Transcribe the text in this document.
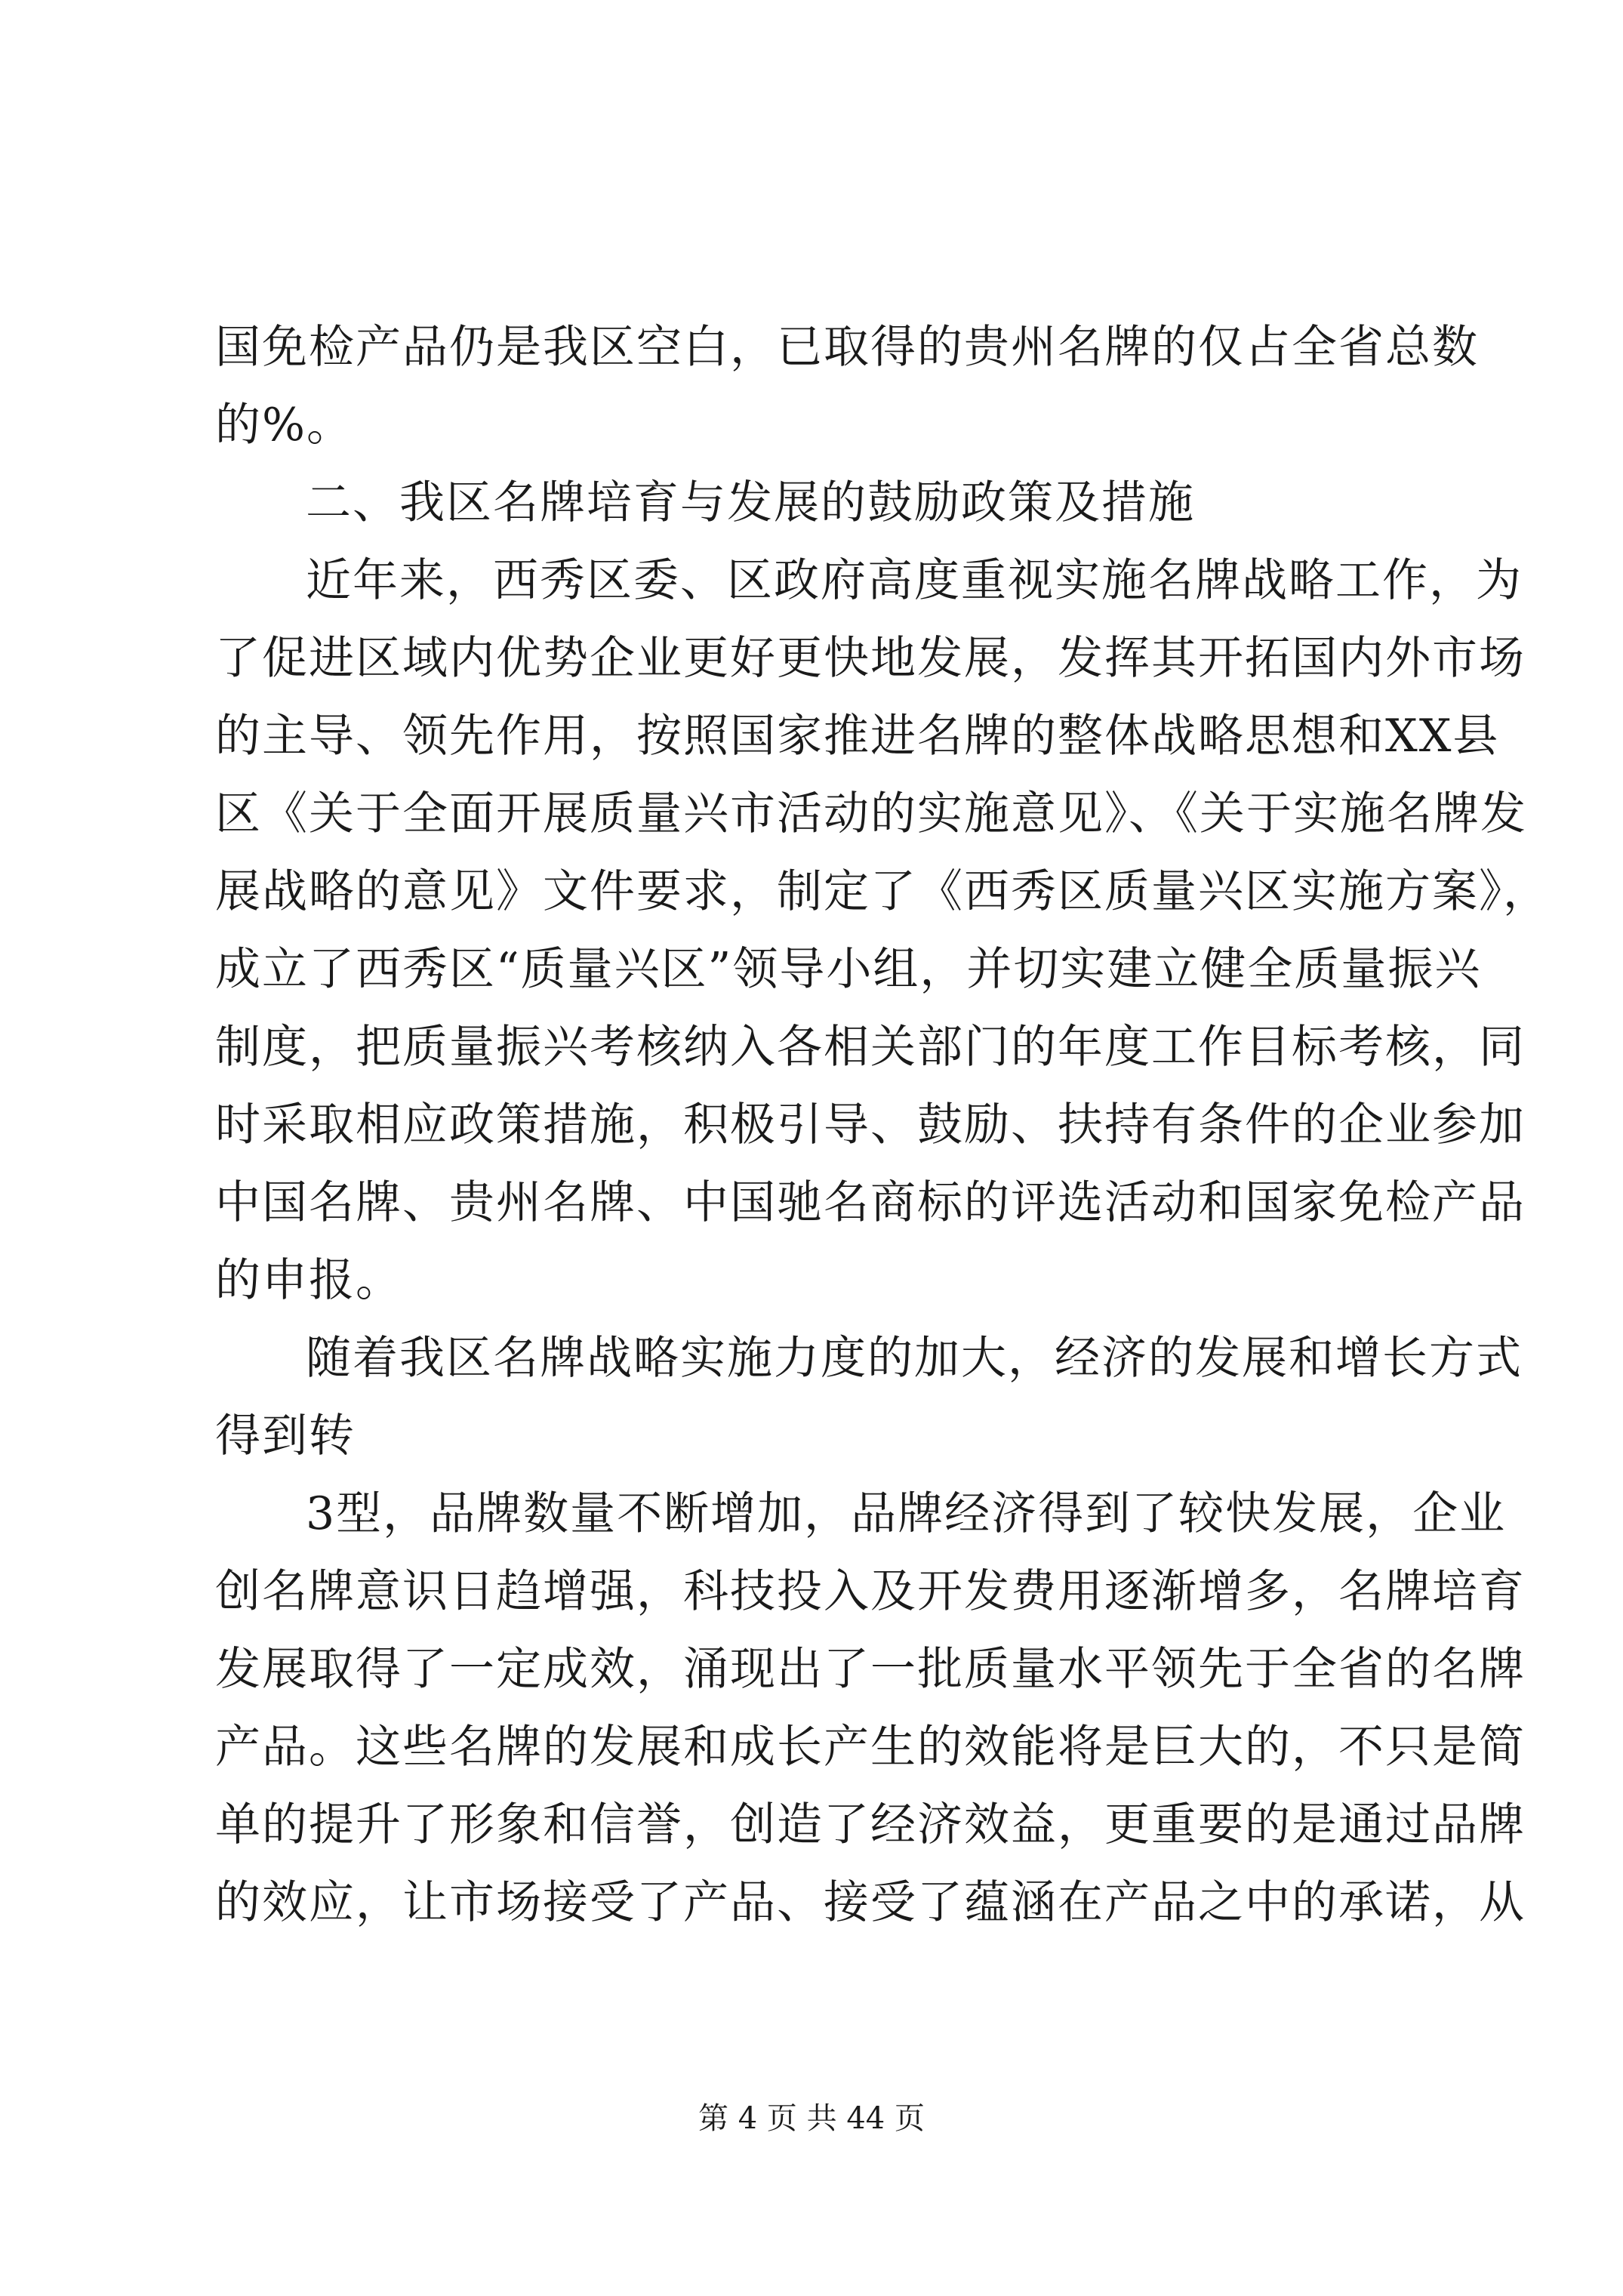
国免检产品仍是我区空白，已取得的贵州名牌的仅占全省总数
的%。
二、我区名牌培育与发展的鼓励政策及措施
近年来，西秀区委、区政府高度重视实施名牌战略工作，为
了促进区域内优势企业更好更快地发展，发挥其开拓国内外市场
的主导、领先作用，按照国家推进名牌的整体战略思想和XX县
区《关于全面开展质量兴市活动的实施意见》、《关于实施名牌发
展战略的意见》文件要求，制定了《西秀区质量兴区实施方案》，
成立了西秀区“质量兴区”领导小组，并切实建立健全质量振兴
制度，把质量振兴考核纳入各相关部门的年度工作目标考核，同
时采取相应政策措施，积极引导、鼓励、扶持有条件的企业参加
中国名牌、贵州名牌、中国驰名商标的评选活动和国家免检产品
的申报。
随着我区名牌战略实施力度的加大，经济的发展和增长方式
得到转
3型，品牌数量不断增加，品牌经济得到了较快发展，企业
创名牌意识日趋增强，科技投入及开发费用逐渐增多，名牌培育
发展取得了一定成效，涌现出了一批质量水平领先于全省的名牌
产品。这些名牌的发展和成长产生的效能将是巨大的，不只是简
单的提升了形象和信誉，创造了经济效益，更重要的是通过品牌
的效应，让市场接受了产品、接受了蕴涵在产品之中的承诺，从
第 4 页 共 44 页
